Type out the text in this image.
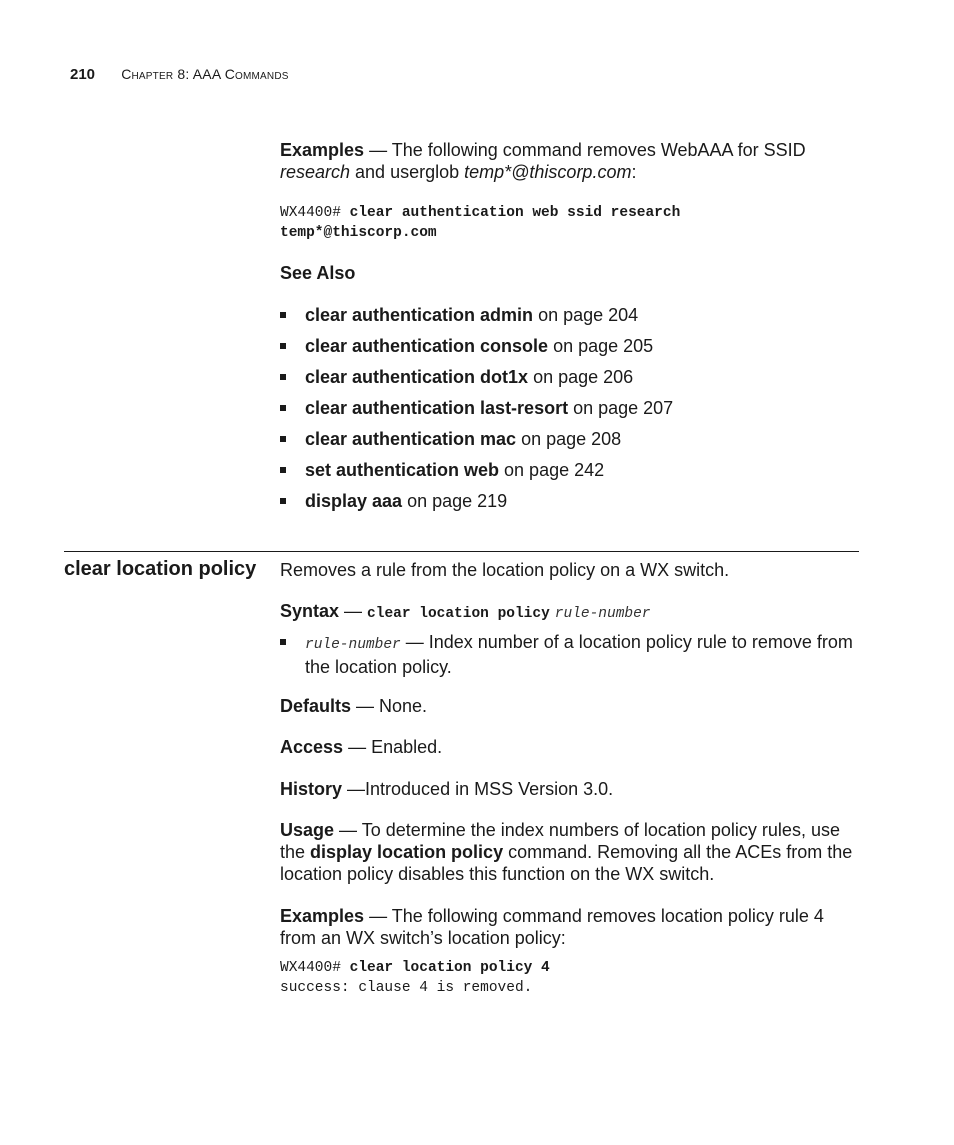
210 Chapter 8: AAA Commands
Examples — The following command removes WebAAA for SSID research and userglob temp*@thiscorp.com:
WX4400# clear authentication web ssid research
temp*@thiscorp.com
See Also
clear authentication admin on page 204
clear authentication console on page 205
clear authentication dot1x on page 206
clear authentication last-resort on page 207
clear authentication mac on page 208
set authentication web on page 242
display aaa on page 219
clear location policy Removes a rule from the location policy on a WX switch.
Syntax — clear location policy rule-number
rule-number — Index number of a location policy rule to remove from the location policy.
Defaults — None.
Access — Enabled.
History —Introduced in MSS Version 3.0.
Usage — To determine the index numbers of location policy rules, use the display location policy command. Removing all the ACEs from the location policy disables this function on the WX switch.
Examples — The following command removes location policy rule 4 from an WX switch’s location policy:
WX4400# clear location policy 4
success: clause 4 is removed.
